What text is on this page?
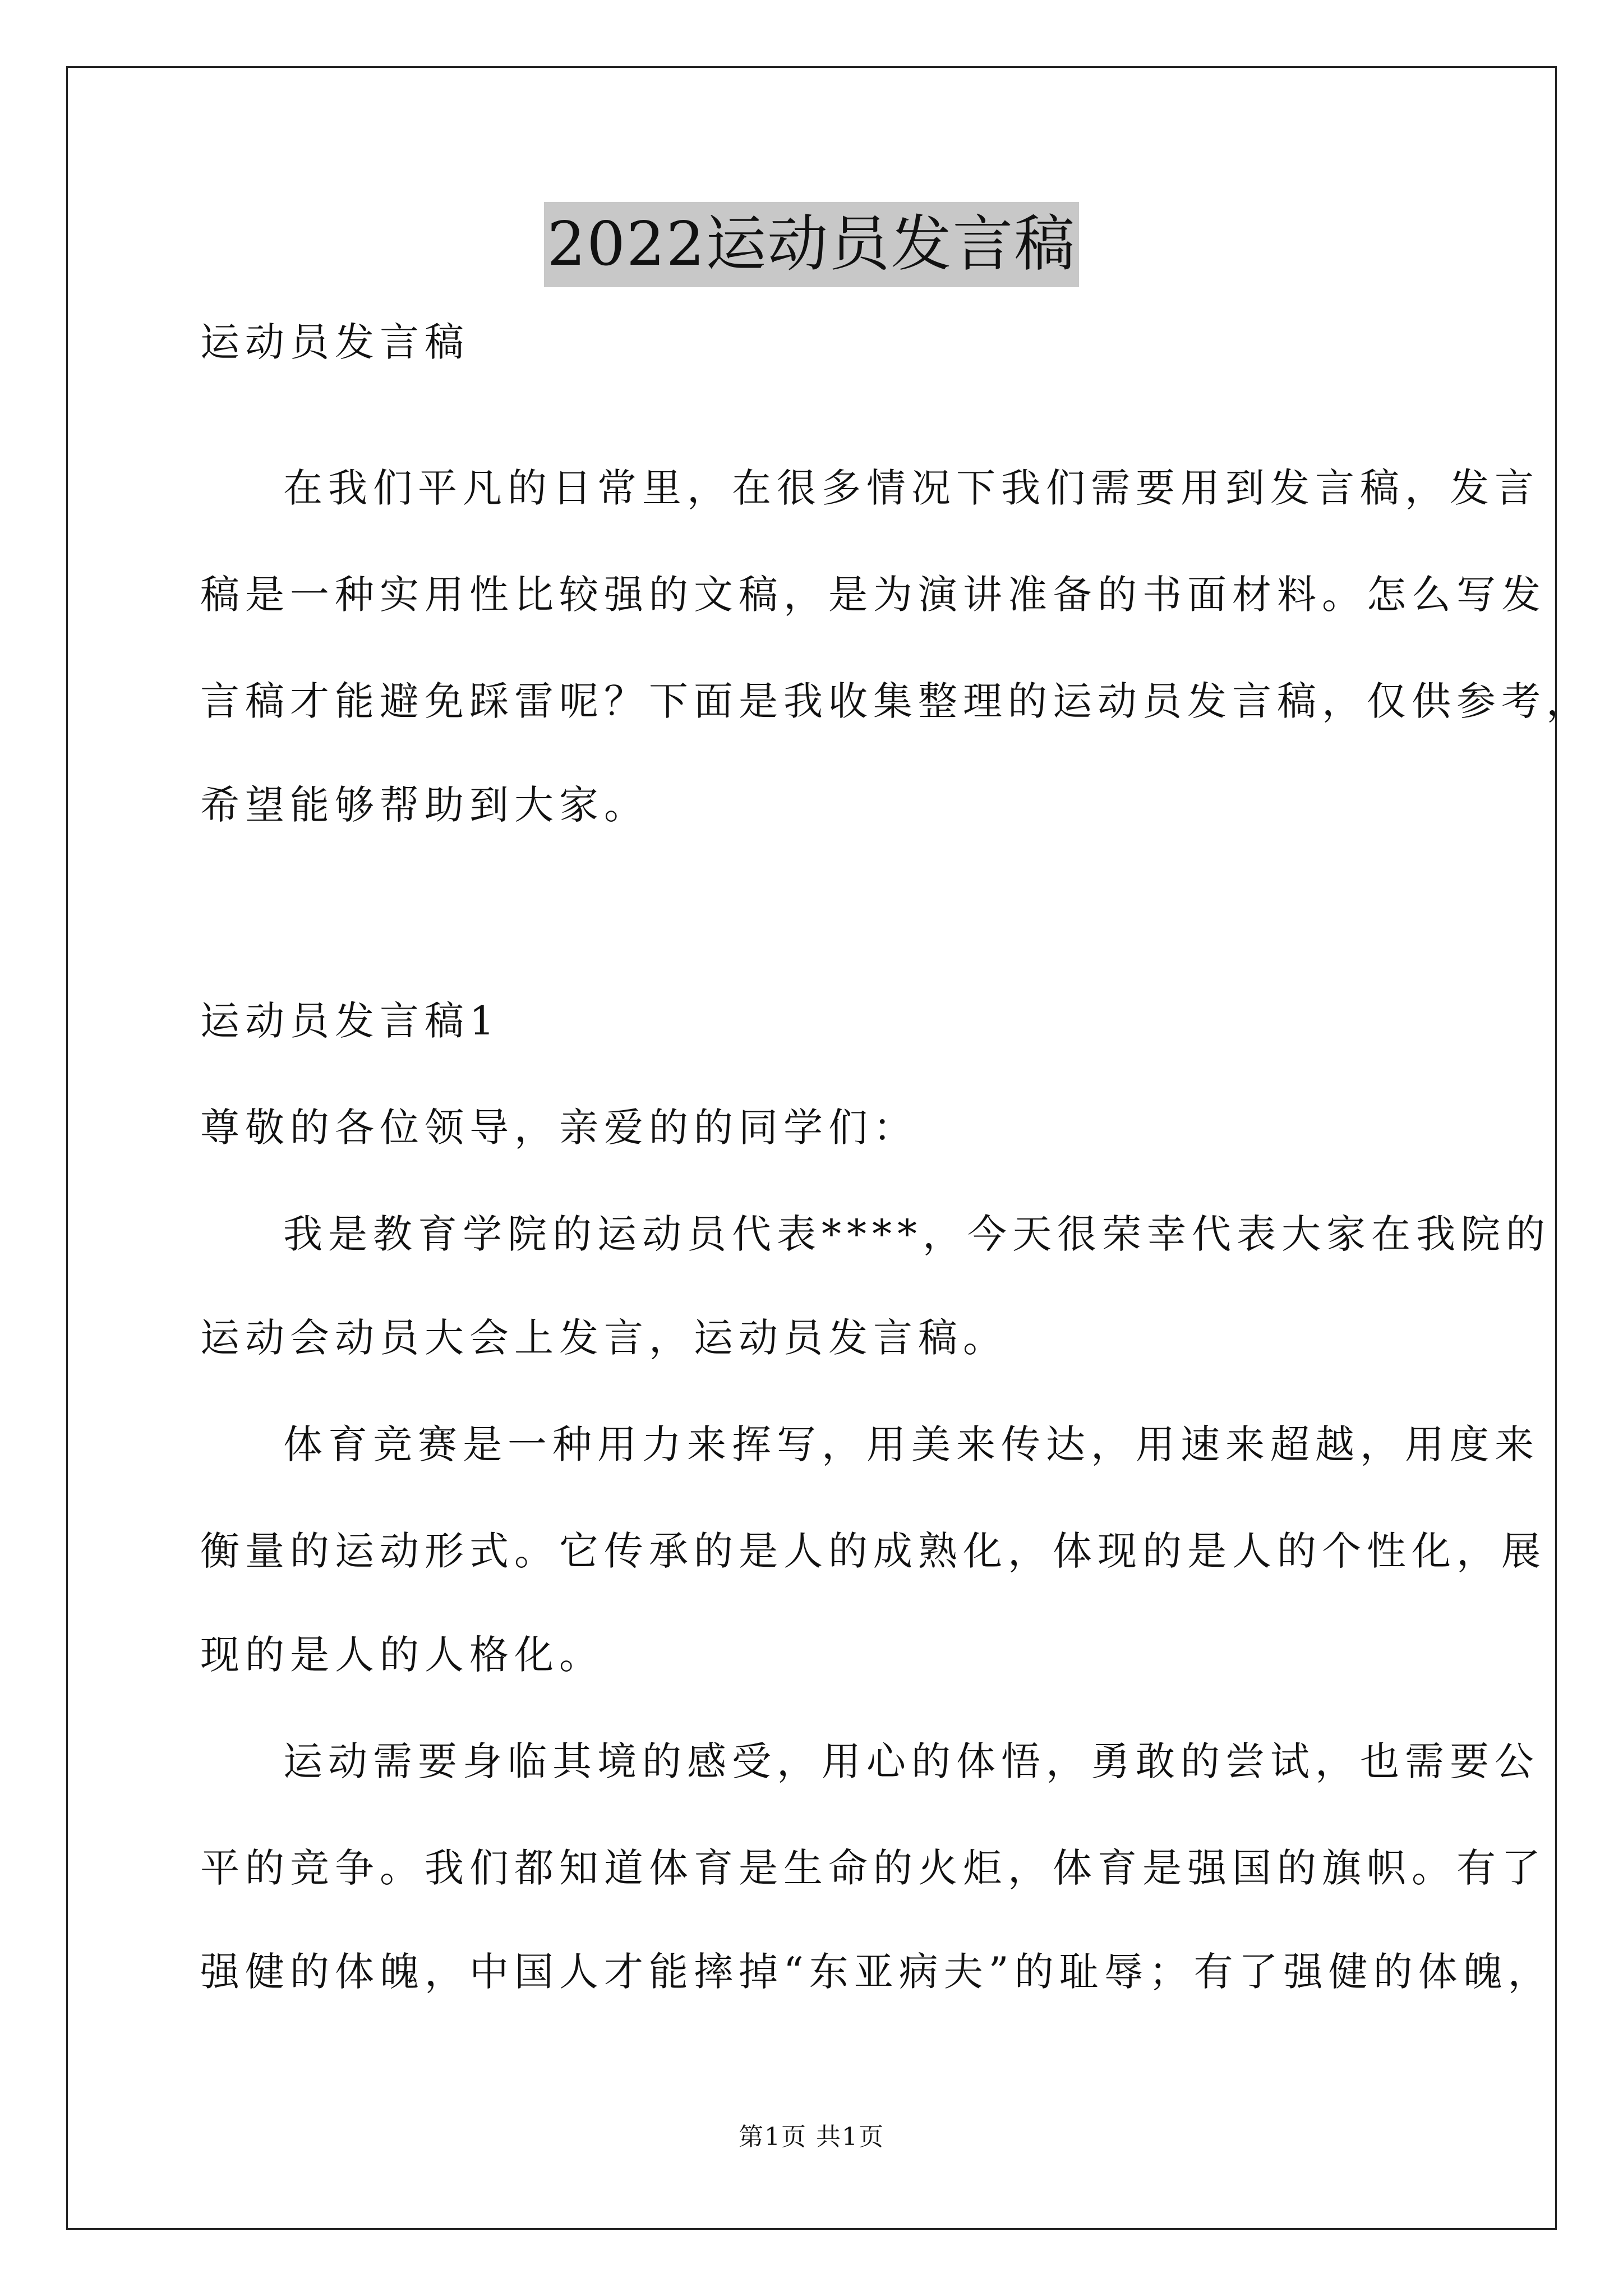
2022运动员发言稿
运动员发言稿
在我们平凡的日常里，在很多情况下我们需要用到发言稿，发言
稿是一种实用性比较强的文稿，是为演讲准备的书面材料。怎么写发
言稿才能避免踩雷呢？下面是我收集整理的运动员发言稿，仅供参考，
希望能够帮助到大家。
运动员发言稿1
尊敬的各位领导，亲爱的的同学们：
我是教育学院的运动员代表****，今天很荣幸代表大家在我院的
运动会动员大会上发言，运动员发言稿。
体育竞赛是一种用力来挥写，用美来传达，用速来超越，用度来
衡量的运动形式。它传承的是人的成熟化，体现的是人的个性化，展
现的是人的人格化。
运动需要身临其境的感受，用心的体悟，勇敢的尝试，也需要公
平的竞争。我们都知道体育是生命的火炬，体育是强国的旗帜。有了
强健的体魄，中国人才能摔掉“东亚病夫”的耻辱；有了强健的体魄，
第1页 共1页
